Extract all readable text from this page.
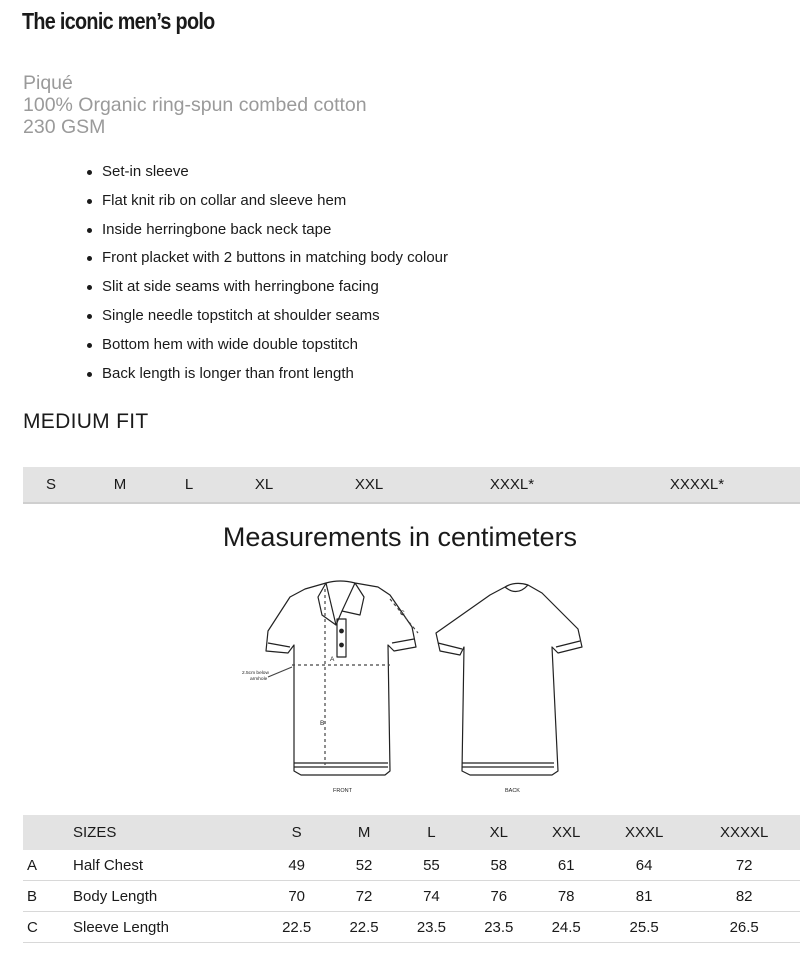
The iconic men’s polo
Piqué
100% Organic ring-spun combed cotton
230 GSM
Set-in sleeve
Flat knit rib on collar and sleeve hem
Inside herringbone back neck tape
Front placket with 2 buttons in matching body colour
Slit at side seams with herringbone facing
Single needle topstitch at shoulder seams
Bottom hem with wide double topstitch
Back length is longer than front length
MEDIUM FIT
S	M	L	XL	XXL	XXXL*	XXXXL*
Measurements in centimeters
A
B
C
2.5cm below
armhole
FRONT	BACK
	SIZES	S	M	L	XL	XXL	XXXL	XXXXL
A	Half Chest	49	52	55	58	61	64	72
B	Body Length	70	72	74	76	78	81	82
C	Sleeve Length	22.5	22.5	23.5	23.5	24.5	25.5	26.5
